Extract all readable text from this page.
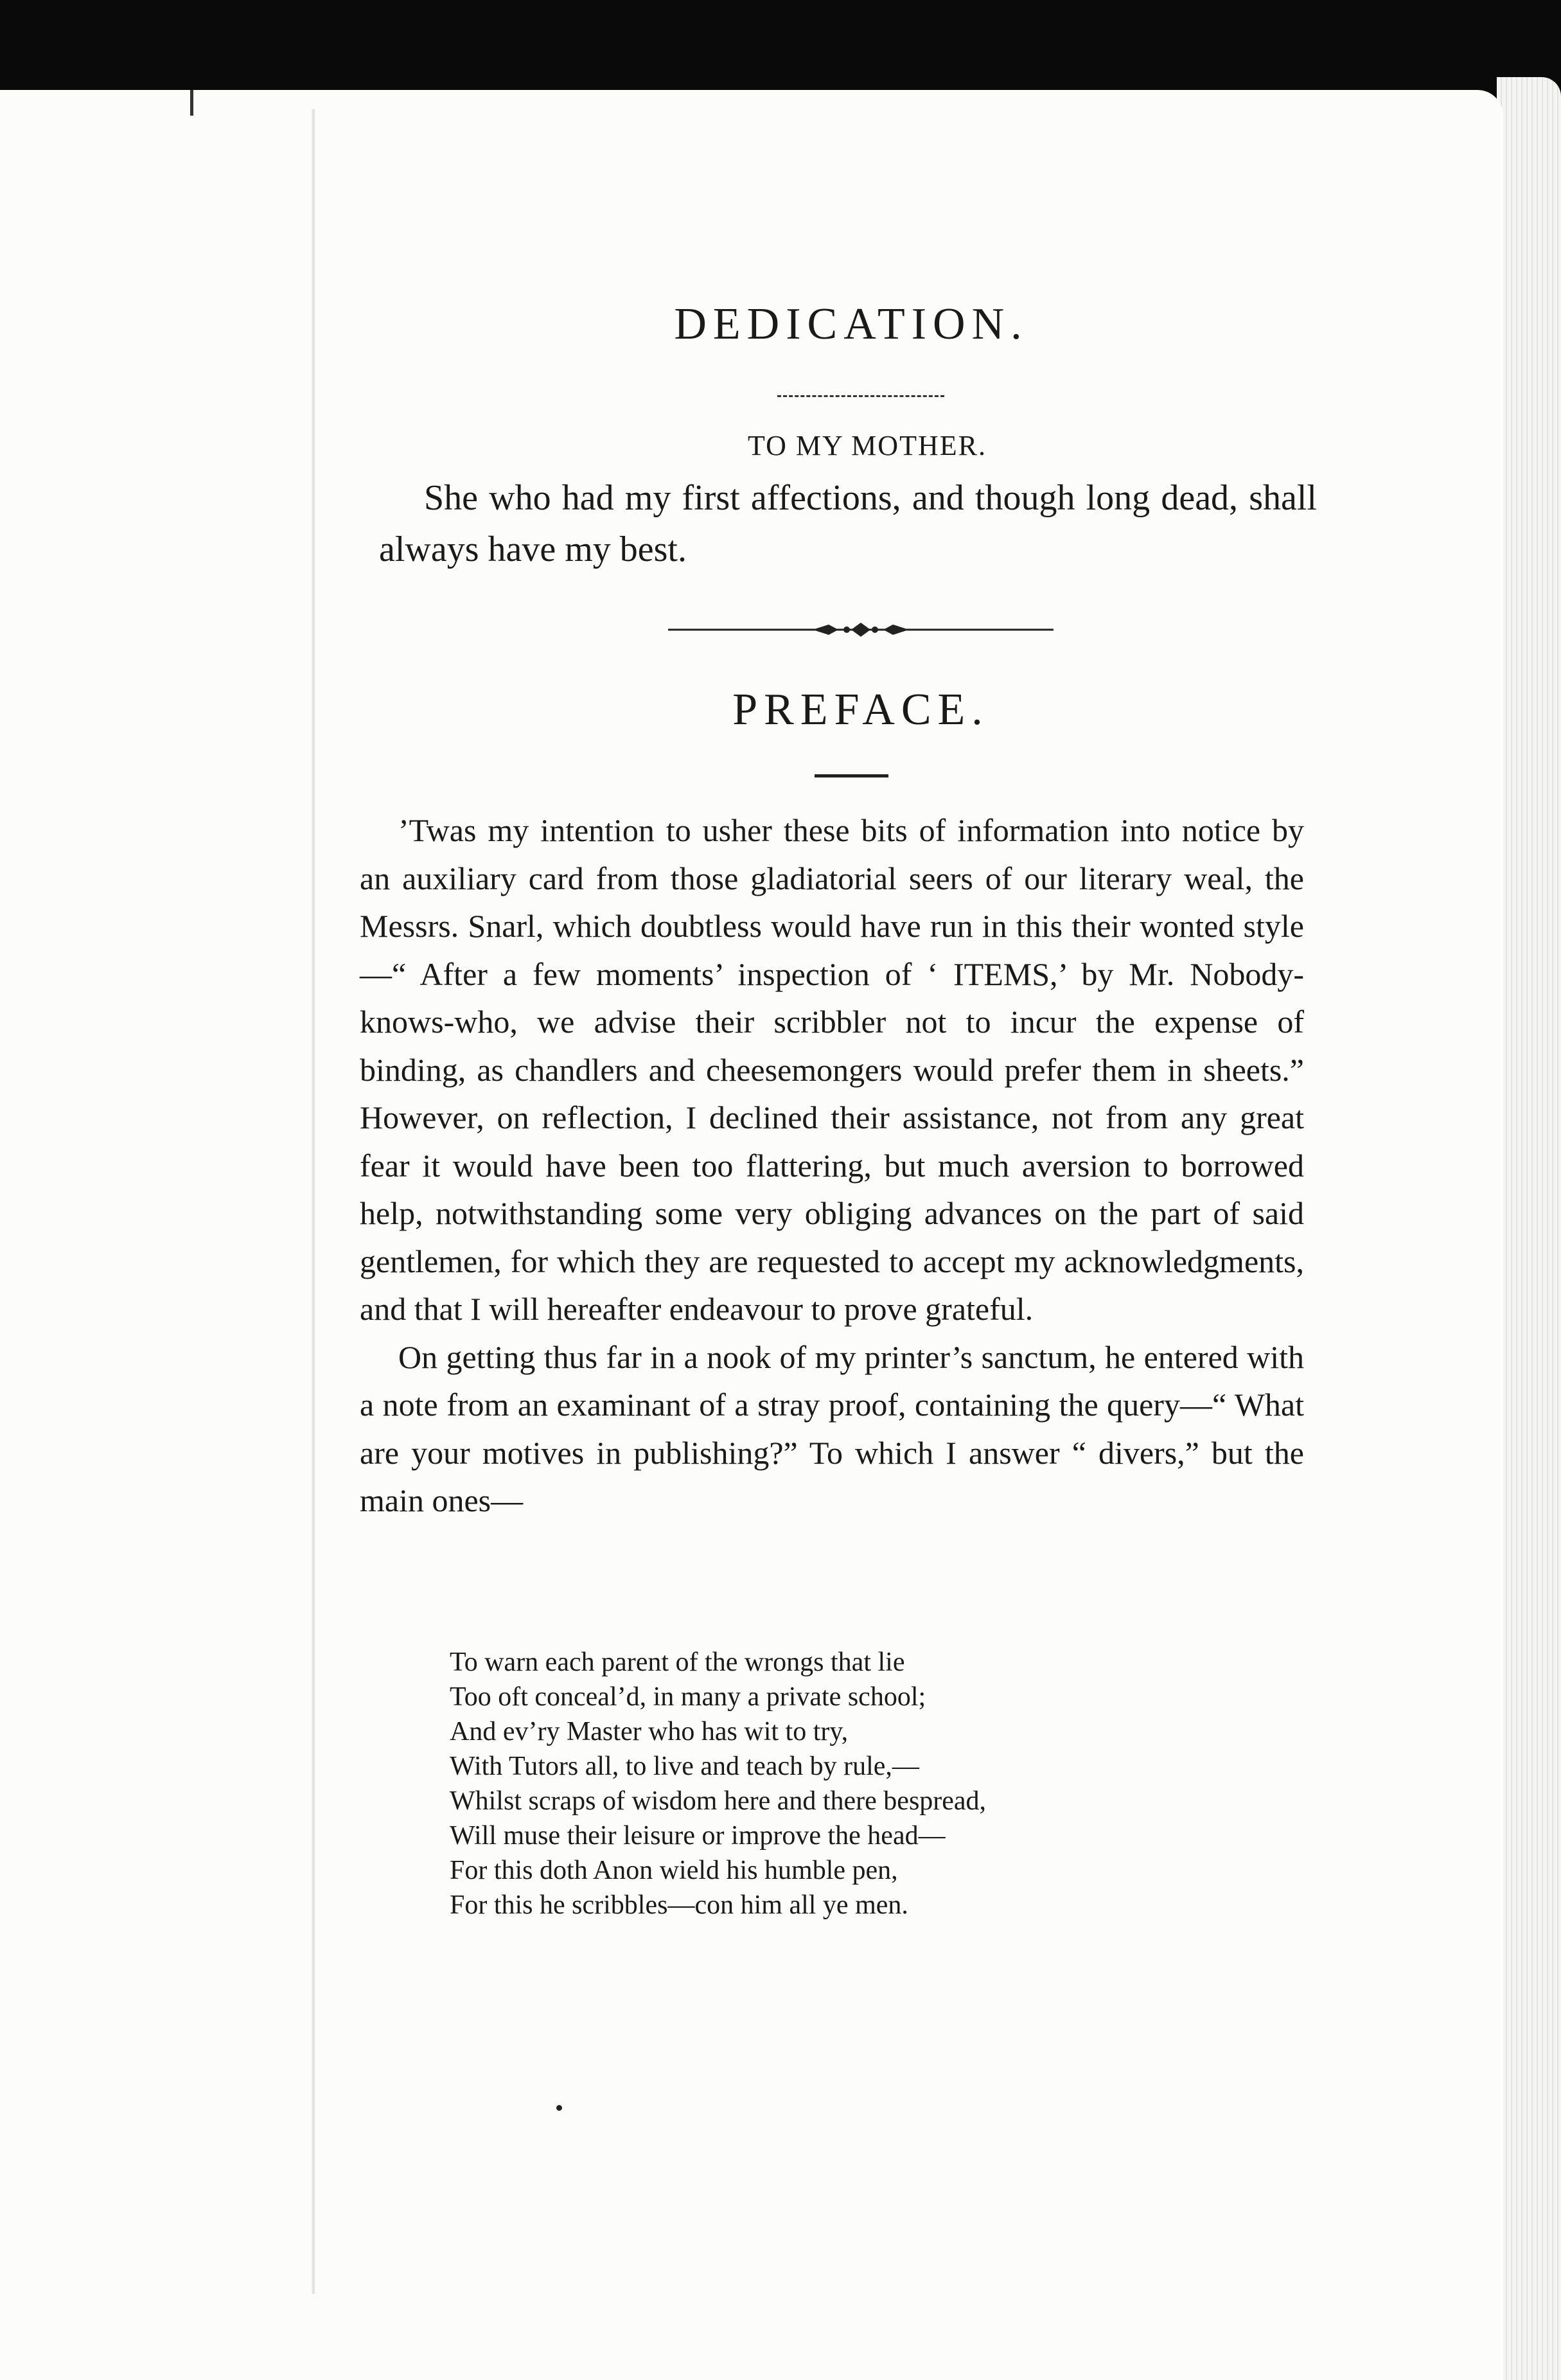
DEDICATION.
TO MY MOTHER.
She who had my first affections, and though long dead, shall always have my best.
PREFACE.

’Twas my intention to usher these bits of information into notice by an auxiliary card from those gladiatorial seers of our literary weal, the Messrs. Snarl, which doubtless would have run in this their wonted style—“ After a few moments’ inspection of ‘ ITEMS,’ by Mr. Nobody-knows-who, we advise their scribbler not to incur the expense of binding, as chandlers and cheesemongers would prefer them in sheets.” However, on reflection, I declined their assistance, not from any great fear it would have been too flattering, but much aversion to borrowed help, notwithstanding some very obliging advances on the part of said gentlemen, for which they are requested to accept my acknowledgments, and that I will hereafter endeavour to prove grateful.

On getting thus far in a nook of my printer’s sanctum, he entered with a note from an examinant of a stray proof, containing the query—“ What are your motives in publishing?” To which I answer “ divers,” but the main ones—

To warn each parent of the wrongs that lie
Too oft conceal’d, in many a private school;
And ev’ry Master who has wit to try,
With Tutors all, to live and teach by rule,—
Whilst scraps of wisdom here and there bespread,
Will muse their leisure or improve the head—
For this doth Anon wield his humble pen,
For this he scribbles—con him all ye men.
